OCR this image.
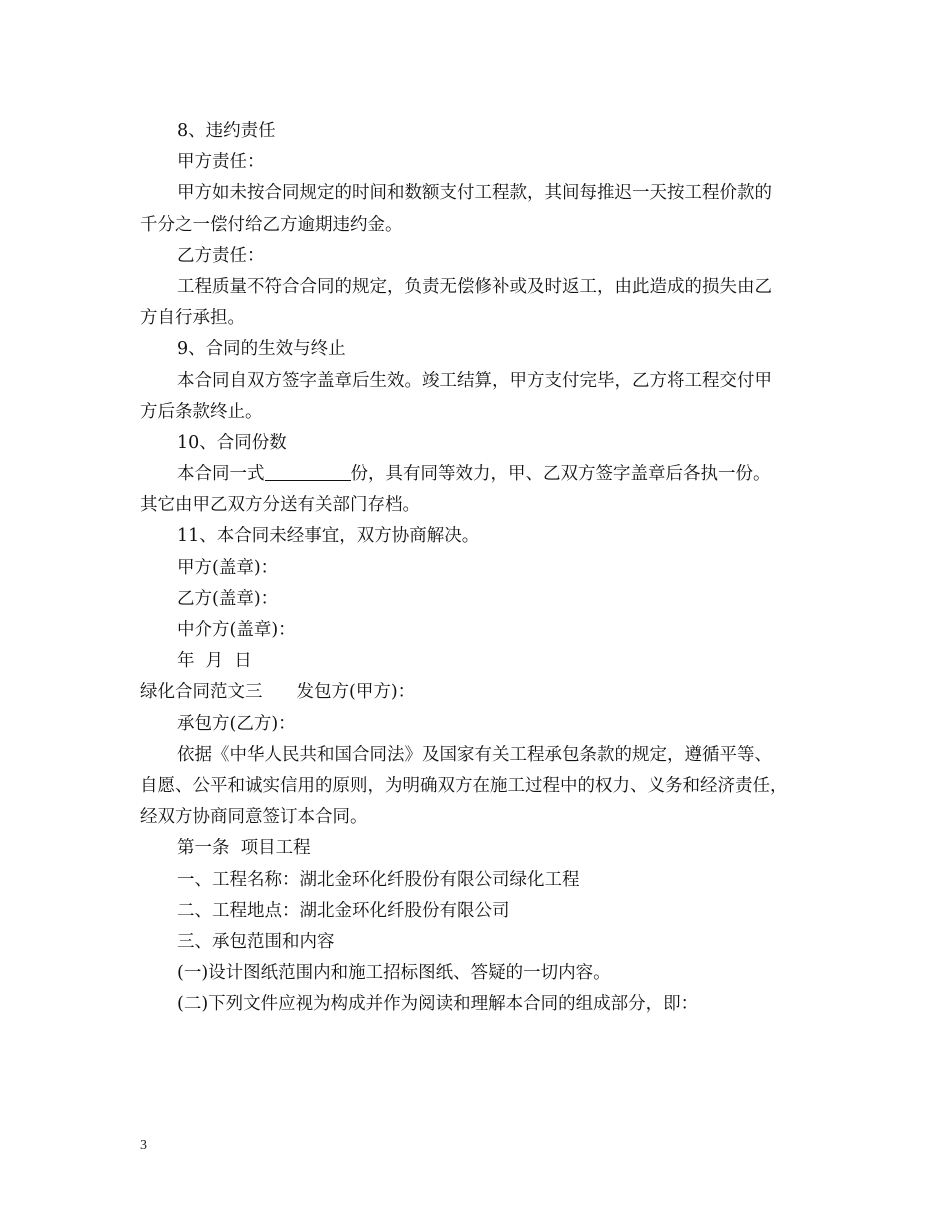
8、违约责任

甲方责任：

甲方如未按合同规定的时间和数额支付工程款，其间每推迟一天按工程价款的

千分之一偿付给乙方逾期违约金。

乙方责任：

工程质量不符合合同的规定，负责无偿修补或及时返工，由此造成的损失由乙

方自行承担。

9、合同的生效与终止

本合同自双方签字盖章后生效。竣工结算，甲方支付完毕，乙方将工程交付甲

方后条款终止。

10、合同份数

本合同一式	份，具有同等效力，甲、乙双方签字盖章后各执一份。

其它由甲乙双方分送有关部门存档。

11、本合同未经事宜，双方协商解决。

甲方(盖章)：

乙方(盖章)：

中介方(盖章)：

年  月  日

绿化合同范文三 发包方(甲方)：

承包方(乙方)：

依据《中华人民共和国合同法》及国家有关工程承包条款的规定，遵循平等、

自愿、公平和诚实信用的原则，为明确双方在施工过程中的权力、义务和经济责任，

经双方协商同意签订本合同。

第一条  项目工程

一、工程名称：湖北金环化纤股份有限公司绿化工程

二、工程地点：湖北金环化纤股份有限公司

三、承包范围和内容

(一)设计图纸范围内和施工招标图纸、答疑的一切内容。

(二)下列文件应视为构成并作为阅读和理解本合同的组成部分，即：

3
